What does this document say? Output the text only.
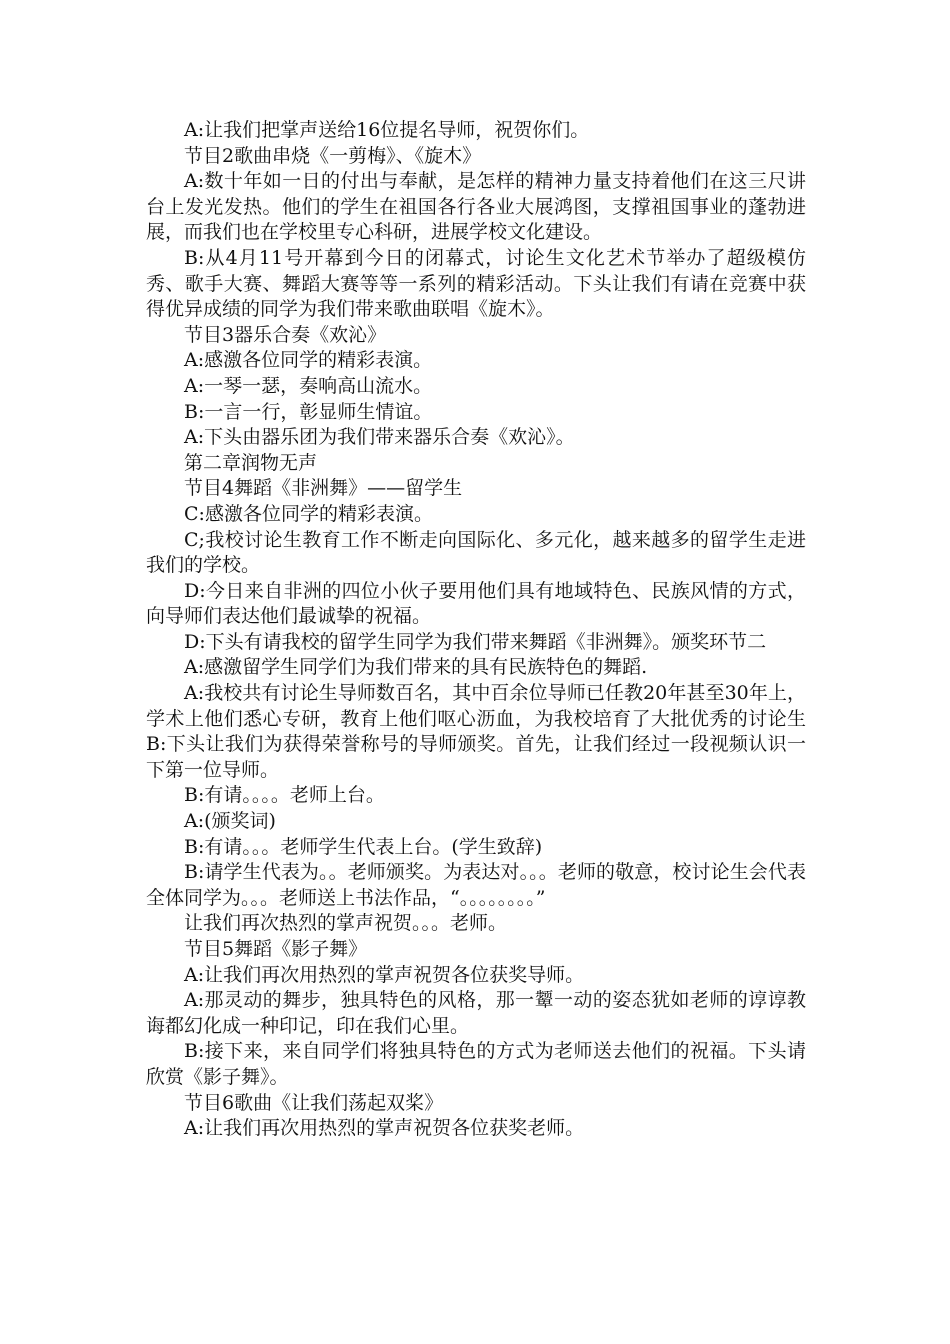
A:让我们把掌声送给16位提名导师，祝贺你们。

节目2歌曲串烧《一剪梅》、《旋木》

A:数十年如一日的付出与奉献，是怎样的精神力量支持着他们在这三尺讲台上发光发热。他们的学生在祖国各行各业大展鸿图，支撑祖国事业的蓬勃进展，而我们也在学校里专心科研，进展学校文化建设。

B:从4月11号开幕到今日的闭幕式，讨论生文化艺术节举办了超级模仿秀、歌手大赛、舞蹈大赛等等一系列的精彩活动。下头让我们有请在竞赛中获得优异成绩的同学为我们带来歌曲联唱《旋木》。

节目3器乐合奏《欢沁》

A:感激各位同学的精彩表演。

A:一琴一瑟，奏响高山流水。

B:一言一行，彰显师生情谊。

A:下头由器乐团为我们带来器乐合奏《欢沁》。

第二章润物无声

节目4舞蹈《非洲舞》——留学生

C:感激各位同学的精彩表演。

C;我校讨论生教育工作不断走向国际化、多元化，越来越多的留学生走进我们的学校。

D:今日来自非洲的四位小伙子要用他们具有地域特色、民族风情的方式，向导师们表达他们最诚挚的祝福。

D:下头有请我校的留学生同学为我们带来舞蹈《非洲舞》。颁奖环节二

A:感激留学生同学们为我们带来的具有民族特色的舞蹈.

A:我校共有讨论生导师数百名，其中百余位导师已任教20年甚至30年上，学术上他们悉心专研，教育上他们呕心沥血，为我校培育了大批优秀的讨论生B:下头让我们为获得荣誉称号的导师颁奖。首先，让我们经过一段视频认识一下第一位导师。

B:有请。。。。老师上台。

A:(颁奖词)

B:有请。。。老师学生代表上台。(学生致辞)

B:请学生代表为。。老师颁奖。为表达对。。。老师的敬意，校讨论生会代表全体同学为。。。老师送上书法作品，“。。。。。。。。”

让我们再次热烈的掌声祝贺。。。老师。

节目5舞蹈《影子舞》

A:让我们再次用热烈的掌声祝贺各位获奖导师。

A:那灵动的舞步，独具特色的风格，那一颦一动的姿态犹如老师的谆谆教诲都幻化成一种印记，印在我们心里。

B:接下来，来自同学们将独具特色的方式为老师送去他们的祝福。下头请欣赏《影子舞》。

节目6歌曲《让我们荡起双桨》

A:让我们再次用热烈的掌声祝贺各位获奖老师。
